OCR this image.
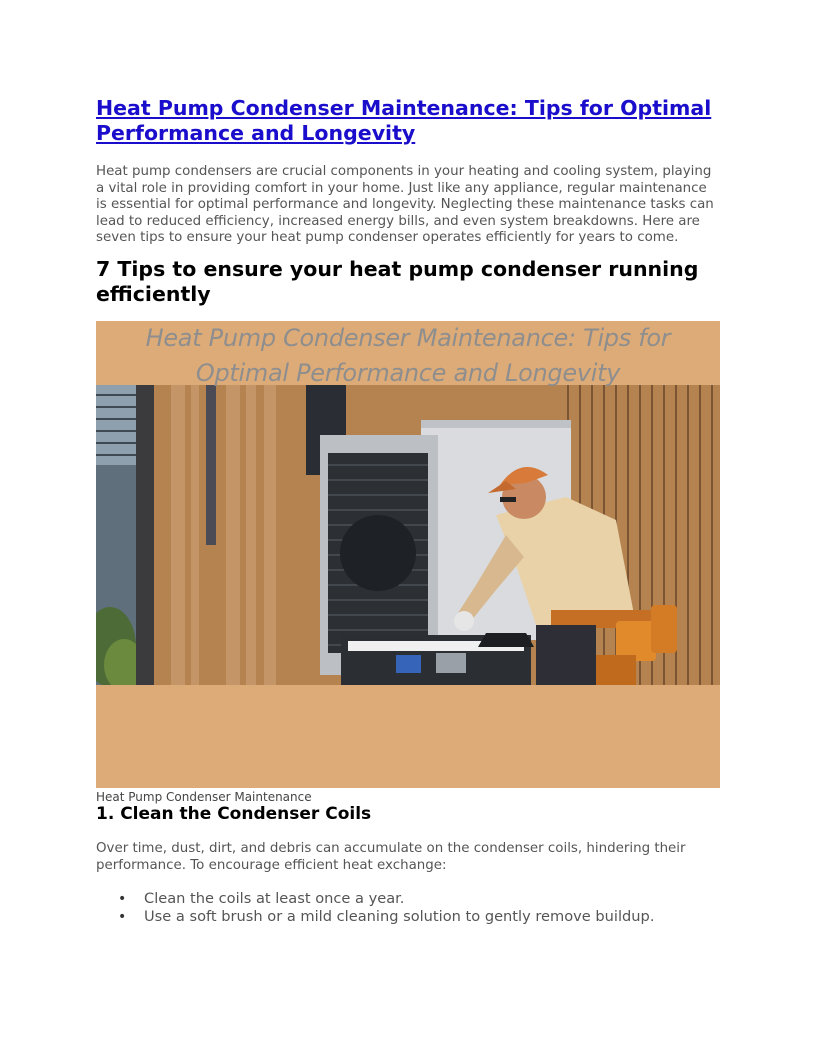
Heat Pump Condenser Maintenance: Tips for Optimal Performance and Longevity

Heat pump condensers are crucial components in your heating and cooling system, playing a vital role in providing comfort in your home. Just like any appliance, regular maintenance is essential for optimal performance and longevity. Neglecting these maintenance tasks can lead to reduced efficiency, increased energy bills, and even system breakdowns. Here are seven tips to ensure your heat pump condenser operates efficiently for years to come.

7 Tips to ensure your heat pump condenser running efficiently
Heat Pump Condenser Maintenance: Tips for Optimal Performance and Longevity
Heat Pump Condenser Maintenance
1. Clean the Condenser Coils

Over time, dust, dirt, and debris can accumulate on the condenser coils, hindering their performance. To encourage efficient heat exchange:

• Clean the coils at least once a year.
• Use a soft brush or a mild cleaning solution to gently remove buildup.
